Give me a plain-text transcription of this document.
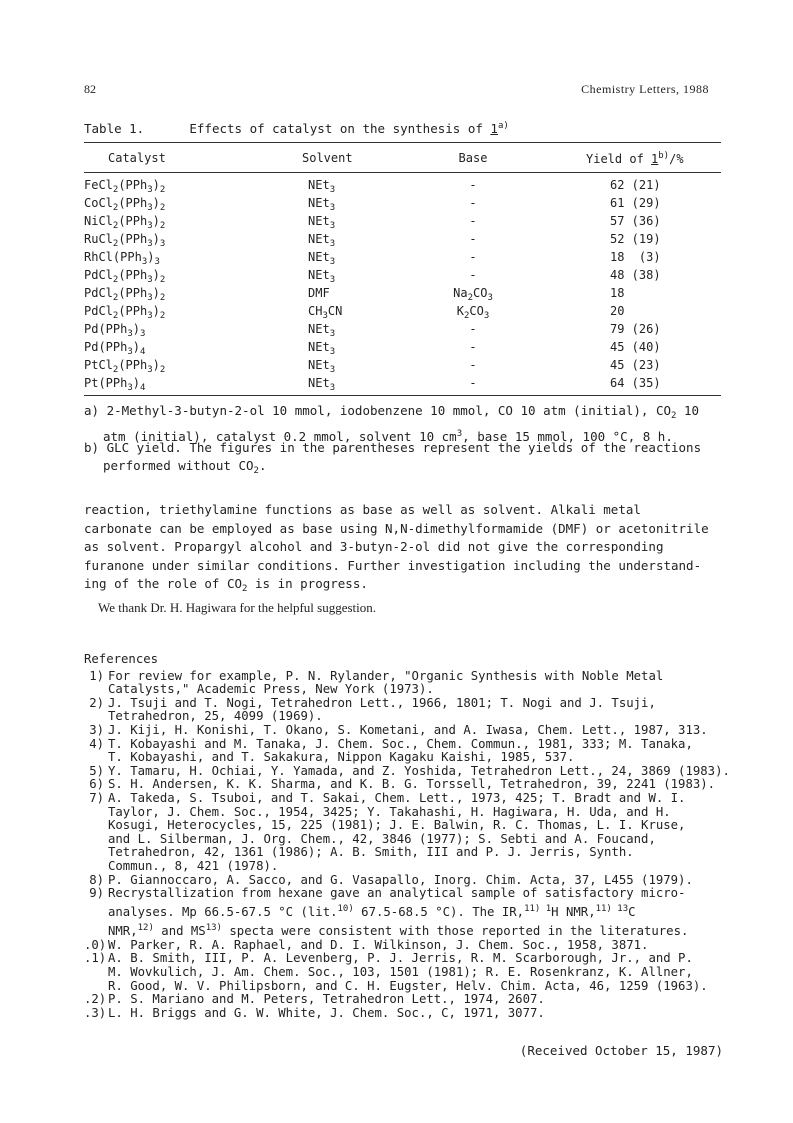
82	Chemistry Letters, 1988
Table 1.	Effects of catalyst on the synthesis of 1$^{a)}$
Catalyst	Solvent	Base	Yield of 1$^{b)}$/%
$FeCl_2(PPh_3)_2$	NEt$_3$	-	62 (21)
$CoCl_2(PPh_3)_2$	NEt$_3$	-	61 (29)
$NiCl_2(PPh_3)_2$	NEt$_3$	-	57 (36)
$RuCl_2(PPh_3)_3$	NEt$_3$	-	52 (19)
$RhCl(PPh_3)_3$	NEt$_3$	-	18  (3)
$PdCl_2(PPh_3)_2$	NEt$_3$	-	48 (38)
$PdCl_2(PPh_3)_2$	DMF	$Na_2CO_3$	18
$PdCl_2(PPh_3)_2$	$CH_3CN$	$K_2CO_3$	20
$Pd(PPh_3)_3$	NEt$_3$	-	79 (26)
$Pd(PPh_3)_4$	NEt$_3$	-	45 (40)
$PtCl_2(PPh_3)_2$	NEt$_3$	-	45 (23)
$Pt(PPh_3)_4$	NEt$_3$	-	64 (35)
a) 2-Methyl-3-butyn-2-ol 10 mmol, iodobenzene 10 mmol, CO 10 atm (initial), $CO_2$ 10
atm (initial), catalyst 0.2 mmol, solvent 10 $cm^3$, base 15 mmol, 100 °C, 8 h.
b) GLC yield. The figures in the parentheses represent the yields of the reactions
performed without $CO_2$.

reaction, triethylamine functions as base as well as solvent. Alkali metal

carbonate can be employed as base using N,N-dimethylformamide (DMF) or acetonitrile

as solvent. Propargyl alcohol and 3-butyn-2-ol did not give the corresponding

furanone under similar conditions. Further investigation including the understand-

ing of the role of $CO_2$ is in progress.

We thank Dr. H. Hagiwara for the helpful suggestion.

References
1) For review for example, P. N. Rylander, "Organic Synthesis with Noble Metal
Catalysts," Academic Press, New York (1973).
2) J. Tsuji and T. Nogi, Tetrahedron Lett., 1966, 1801; T. Nogi and J. Tsuji,
Tetrahedron, 25, 4099 (1969).
3) J. Kiji, H. Konishi, T. Okano, S. Kometani, and A. Iwasa, Chem. Lett., 1987, 313.
4) T. Kobayashi and M. Tanaka, J. Chem. Soc., Chem. Commun., 1981, 333; M. Tanaka,
T. Kobayashi, and T. Sakakura, Nippon Kagaku Kaishi, 1985, 537.
5) Y. Tamaru, H. Ochiai, Y. Yamada, and Z. Yoshida, Tetrahedron Lett., 24, 3869 (1983).
6) S. H. Andersen, K. K. Sharma, and K. B. G. Torssell, Tetrahedron, 39, 2241 (1983).
7) A. Takeda, S. Tsuboi, and T. Sakai, Chem. Lett., 1973, 425; T. Bradt and W. I.
Taylor, J. Chem. Soc., 1954, 3425; Y. Takahashi, H. Hagiwara, H. Uda, and H.
Kosugi, Heterocycles, 15, 225 (1981); J. E. Balwin, R. C. Thomas, L. I. Kruse,
and L. Silberman, J. Org. Chem., 42, 3846 (1977); S. Sebti and A. Foucand,
Tetrahedron, 42, 1361 (1986); A. B. Smith, III and P. J. Jerris, Synth.
Commun., 8, 421 (1978).
8) P. Giannoccaro, A. Sacco, and G. Vasapallo, Inorg. Chim. Acta, 37, L455 (1979).
9) Recrystallization from hexane gave an analytical sample of satisfactory micro-
analyses. Mp 66.5-67.5 °C (lit.$^{10)}$ 67.5-68.5 °C). The IR,$^{11)}$ $^1$H NMR,$^{11)}$ $^{13}$C
NMR,$^{12)}$ and MS$^{13)}$ specta were consistent with those reported in the literatures.
.0) W. Parker, R. A. Raphael, and D. I. Wilkinson, J. Chem. Soc., 1958, 3871.
.1) A. B. Smith, III, P. A. Levenberg, P. J. Jerris, R. M. Scarborough, Jr., and P.
M. Wovkulich, J. Am. Chem. Soc., 103, 1501 (1981); R. E. Rosenkranz, K. Allner,
R. Good, W. V. Philipsborn, and C. H. Eugster, Helv. Chim. Acta, 46, 1259 (1963).
.2) P. S. Mariano and M. Peters, Tetrahedron Lett., 1974, 2607.
.3) L. H. Briggs and G. W. White, J. Chem. Soc., C, 1971, 3077.
(Received October 15, 1987)
